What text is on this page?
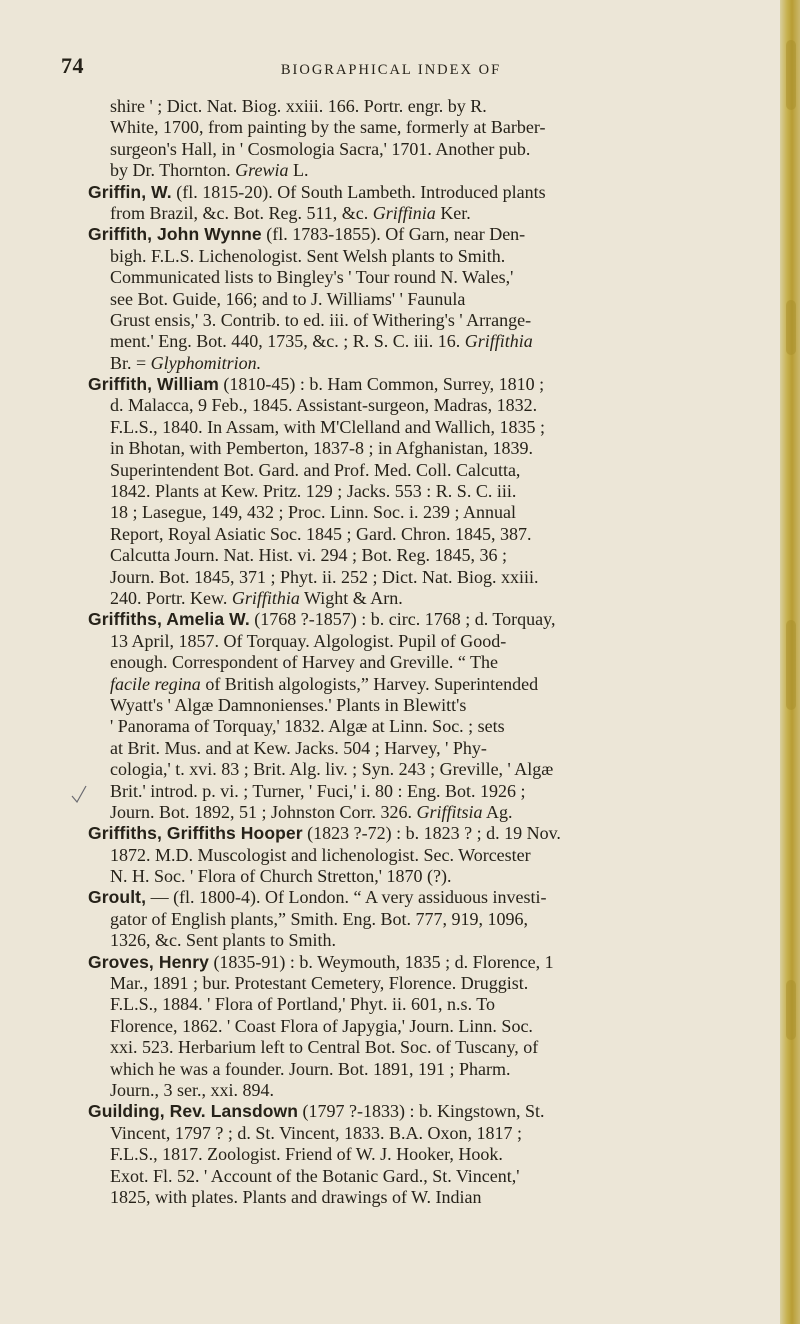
74	BIOGRAPHICAL INDEX OF
shire ' ; Dict. Nat. Biog. xxiii. 166. Portr. engr. by R.
White, 1700, from painting by the same, formerly at Barber-
surgeon's Hall, in ' Cosmologia Sacra,' 1701. Another pub.
by Dr. Thornton. Grewia L.
Griffin, W. (fl. 1815-20). Of South Lambeth. Introduced plants
from Brazil, &c. Bot. Reg. 511, &c. Griffinia Ker.
Griffith, John Wynne (fl. 1783-1855). Of Garn, near Den-
bigh. F.L.S. Lichenologist. Sent Welsh plants to Smith.
Communicated lists to Bingley's ' Tour round N. Wales,'
see Bot. Guide, 166; and to J. Williams' ' Faunula
Grust ensis,' 3. Contrib. to ed. iii. of Withering's ' Arrange-
ment.' Eng. Bot. 440, 1735, &c. ; R. S. C. iii. 16. Griffithia
Br. = Glyphomitrion.
Griffith, William (1810-45) : b. Ham Common, Surrey, 1810 ;
d. Malacca, 9 Feb., 1845. Assistant-surgeon, Madras, 1832.
F.L.S., 1840. In Assam, with M'Clelland and Wallich, 1835 ;
in Bhotan, with Pemberton, 1837-8 ; in Afghanistan, 1839.
Superintendent Bot. Gard. and Prof. Med. Coll. Calcutta,
1842. Plants at Kew. Pritz. 129 ; Jacks. 553 : R. S. C. iii.
18 ; Lasegue, 149, 432 ; Proc. Linn. Soc. i. 239 ; Annual
Report, Royal Asiatic Soc. 1845 ; Gard. Chron. 1845, 387.
Calcutta Journ. Nat. Hist. vi. 294 ; Bot. Reg. 1845, 36 ;
Journ. Bot. 1845, 371 ; Phyt. ii. 252 ; Dict. Nat. Biog. xxiii.
240. Portr. Kew. Griffithia Wight & Arn.
Griffiths, Amelia W. (1768 ?-1857) : b. circ. 1768 ; d. Torquay,
13 April, 1857. Of Torquay. Algologist. Pupil of Good-
enough. Correspondent of Harvey and Greville. “ The
facile regina of British algologists,” Harvey. Superintended
Wyatt's ' Algæ Damnonienses.' Plants in Blewitt's
' Panorama of Torquay,' 1832. Algæ at Linn. Soc. ; sets
at Brit. Mus. and at Kew. Jacks. 504 ; Harvey, ' Phy-
cologia,' t. xvi. 83 ; Brit. Alg. liv. ; Syn. 243 ; Greville, ' Algæ
Brit.' introd. p. vi. ; Turner, ' Fuci,' i. 80 : Eng. Bot. 1926 ;
Journ. Bot. 1892, 51 ; Johnston Corr. 326. Griffitsia Ag.
Griffiths, Griffiths Hooper (1823 ?-72) : b. 1823 ? ; d. 19 Nov.
1872. M.D. Muscologist and lichenologist. Sec. Worcester
N. H. Soc. ' Flora of Church Stretton,' 1870 (?).
Groult, — (fl. 1800-4). Of London. “ A very assiduous investi-
gator of English plants,” Smith. Eng. Bot. 777, 919, 1096,
1326, &c. Sent plants to Smith.
Groves, Henry (1835-91) : b. Weymouth, 1835 ; d. Florence, 1
Mar., 1891 ; bur. Protestant Cemetery, Florence. Druggist.
F.L.S., 1884. ' Flora of Portland,' Phyt. ii. 601, n.s. To
Florence, 1862. ' Coast Flora of Japygia,' Journ. Linn. Soc.
xxi. 523. Herbarium left to Central Bot. Soc. of Tuscany, of
which he was a founder. Journ. Bot. 1891, 191 ; Pharm.
Journ., 3 ser., xxi. 894.
Guilding, Rev. Lansdown (1797 ?-1833) : b. Kingstown, St.
Vincent, 1797 ? ; d. St. Vincent, 1833. B.A. Oxon, 1817 ;
F.L.S., 1817. Zoologist. Friend of W. J. Hooker, Hook.
Exot. Fl. 52. ' Account of the Botanic Gard., St. Vincent,'
1825, with plates. Plants and drawings of W. Indian
